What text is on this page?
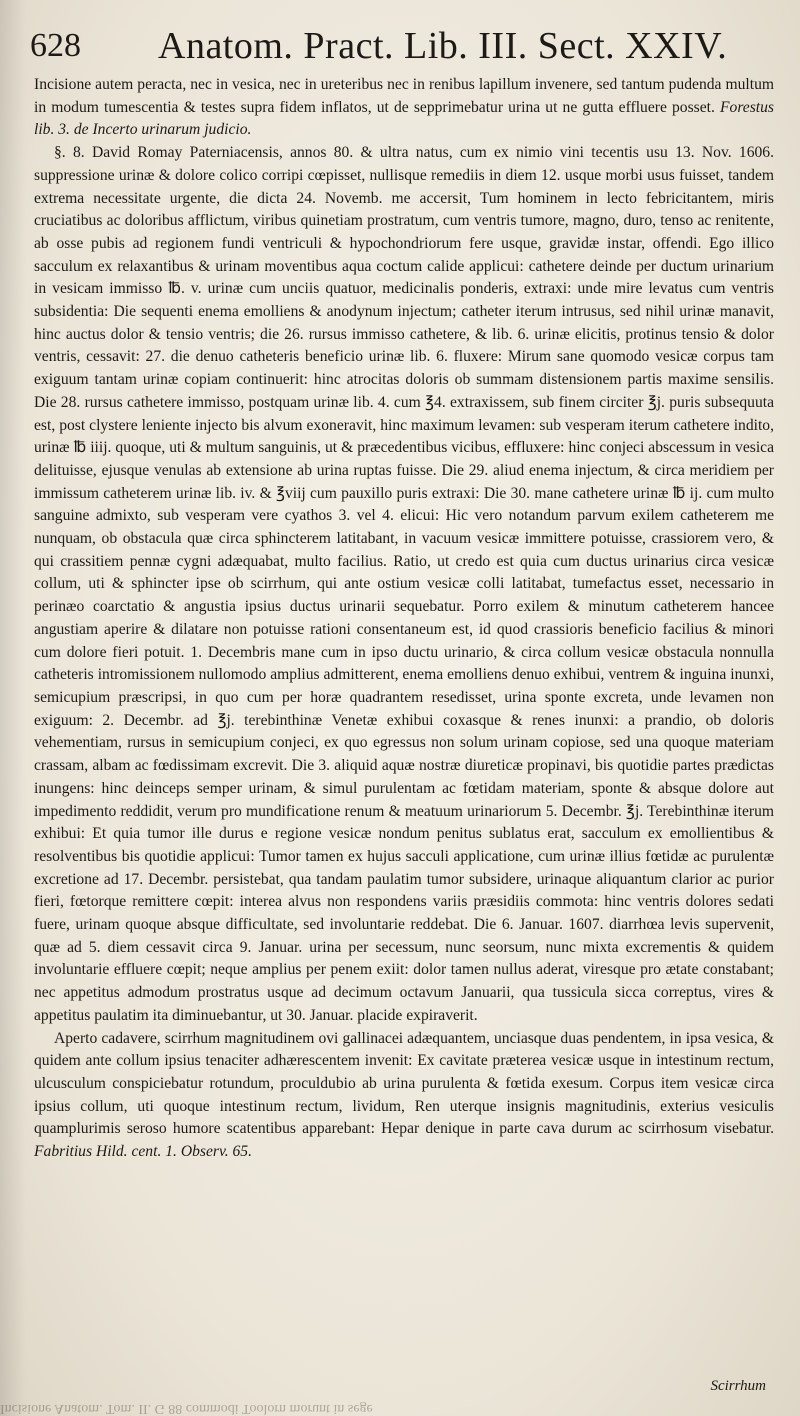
628 Anatom. Pract. Lib. III. Sect. XXIV.

Incisione autem peracta, nec in vesica, nec in ureteribus nec in renibus lapillum invenere, sed tantum pudenda multum in modum tumescentia & testes supra fidem inflatos, ut de sepprimebatur urina ut ne gutta effluere posset. Forestus lib. 3. de Incerto urinarum judicio.

§. 8. David Romay Paterniacensis, annos 80. & ultra natus, cum ex nimio vini tecentis usu 13. Nov. 1606. suppressione urinæ & dolore colico corripi cœpisset, nullisque remediis in diem 12. usque morbi usus fuisset, tandem extrema necessitate urgente, die dicta 24. Novemb. me accersit, Tum hominem in lecto febricitantem, miris cruciatibus ac doloribus afflictum, viribus quinetiam prostratum, cum ventris tumore, magno, duro, tenso ac renitente, ab osse pubis ad regionem fundi ventriculi & hypochondriorum fere usque, gravidæ instar, offendi. Ego illico sacculum ex relaxantibus & urinam moventibus aqua coctum calide applicui: cathetere deinde per ductum urinarium in vesicam immisso ℔. v. urinæ cum unciis quatuor, medicinalis ponderis, extraxi: unde mire levatus cum ventris subsidentia: Die sequenti enema emolliens & anodynum injectum; catheter iterum intrusus, sed nihil urinæ manavit, hinc auctus dolor & tensio ventris; die 26. rursus immisso cathetere, & lib. 6. urinæ elicitis, protinus tensio & dolor ventris, cessavit: 27. die denuo catheteris beneficio urinæ lib. 6. fluxere: Mirum sane quomodo vesicæ corpus tam exiguum tantam urinæ copiam continuerit: hinc atrocitas doloris ob summam distensionem partis maxime sensilis. Die 28. rursus cathetere immisso, postquam urinæ lib. 4. cum ℥4. extraxissem, sub finem circiter ℥j. puris subsequuta est, post clystere leniente injecto bis alvum exoneravit, hinc maximum levamen: sub vesperam iterum cathetere indito, urinæ ℔ iiij. quoque, uti & multum sanguinis, ut & præcedentibus vicibus, effluxere: hinc conjeci abscessum in vesica delituisse, ejusque venulas ab extensione ab urina ruptas fuisse. Die 29. aliud enema injectum, & circa meridiem per immissum catheterem urinæ lib. iv. & ℥viij cum pauxillo puris extraxi: Die 30. mane cathetere urinæ ℔ ij. cum multo sanguine admixto, sub vesperam vere cyathos 3. vel 4. elicui: Hic vero notandum parvum exilem catheterem me nunquam, ob obstacula quæ circa sphincterem latitabant, in vacuum vesicæ immittere potuisse, crassiorem vero, & qui crassitiem pennæ cygni adæquabat, multo facilius. Ratio, ut credo est quia cum ductus urinarius circa vesicæ collum, uti & sphincter ipse ob scirrhum, qui ante ostium vesicæ colli latitabat, tumefactus esset, necessario in perinæo coarctatio & angustia ipsius ductus urinarii sequebatur. Porro exilem & minutum catheterem hancee angustiam aperire & dilatare non potuisse rationi consentaneum est, id quod crassioris beneficio facilius & minori cum dolore fieri potuit. 1. Decembris mane cum in ipso ductu urinario, & circa collum vesicæ obstacula nonnulla catheteris intromissionem nullomodo amplius admitterent, enema emolliens denuo exhibui, ventrem & inguina inunxi, semicupium præscripsi, in quo cum per horæ quadrantem resedisset, urina sponte excreta, unde levamen non exiguum: 2. Decembr. ad ℥j. terebinthinæ Venetæ exhibui coxasque & renes inunxi: a prandio, ob doloris vehementiam, rursus in semicupium conjeci, ex quo egressus non solum urinam copiose, sed una quoque materiam crassam, albam ac fœdissimam excrevit. Die 3. aliquid aquæ nostræ diureticæ propinavi, bis quotidie partes prædictas inungens: hinc deinceps semper urinam, & simul purulentam ac fœtidam materiam, sponte & absque dolore aut impedimento reddidit, verum pro mundificatione renum & meatuum urinariorum 5. Decembr. ℥j. Terebinthinæ iterum exhibui: Et quia tumor ille durus e regione vesicæ nondum penitus sublatus erat, sacculum ex emollientibus & resolventibus bis quotidie applicui: Tumor tamen ex hujus sacculi applicatione, cum urinæ illius fœtidæ ac purulentæ excretione ad 17. Decembr. persistebat, qua tandam paulatim tumor subsidere, urinaque aliquantum clarior ac purior fieri, fœtorque remittere cœpit: interea alvus non respondens variis præsidiis commota: hinc ventris dolores sedati fuere, urinam quoque absque difficultate, sed involuntarie reddebat. Die 6. Januar. 1607. diarrhœa levis supervenit, quæ ad 5. diem cessavit circa 9. Januar. urina per secessum, nunc seorsum, nunc mixta excrementis & quidem involuntarie effluere cœpit; neque amplius per penem exiit: dolor tamen nullus aderat, viresque pro ætate constabant; nec appetitus admodum prostratus usque ad decimum octavum Januarii, qua tussicula sicca correptus, vires & appetitus paulatim ita diminuebantur, ut 30. Januar. placide expiraverit.

Aperto cadavere, scirrhum magnitudinem ovi gallinacei adæquantem, unciasque duas pendentem, in ipsa vesica, & quidem ante collum ipsius tenaciter adhærescentem invenit: Ex cavitate præterea vesicæ usque in intestinum rectum, ulcusculum conspiciebatur rotundum, proculdubio ab urina purulenta & fœtida exesum. Corpus item vesicæ circa ipsius collum, uti quoque intestinum rectum, lividum, Ren uterque insignis magnitudinis, exterius vesiculis quamplurimis seroso humore scatentibus apparebant: Hepar denique in parte cava durum ac scirrhosum visebatur. Fabritius Hild. cent. 1. Observ. 65.

Scirrhum
Incisione Anatom. Tom. II. G 88 commodi Toolorn morunt in sege
